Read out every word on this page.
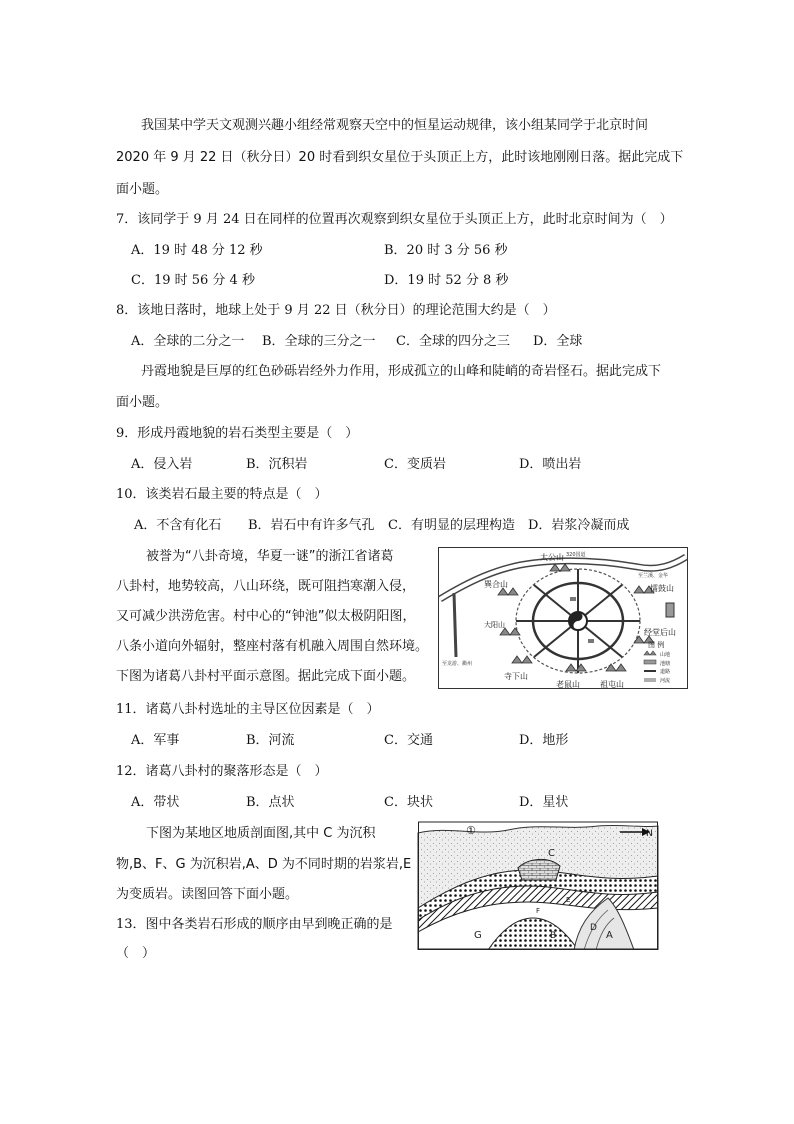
我国某中学天文观测兴趣小组经常观察天空中的恒星运动规律，该小组某同学于北京时间
2020 年 9 月 22 日（秋分日）20 时看到织女星位于头顶正上方，此时该地刚刚日落。据此完成下
面小题。
7．该同学于 9 月 24 日在同样的位置再次观察到织女星位于头顶正上方，此时北京时间为（　）
A．19 时 48 分 12 秒	B．20 时 3 分 56 秒
C．19 时 56 分 4 秒	D．19 时 52 分 8 秒
8．该地日落时，地球上处于 9 月 22 日（秋分日）的理论范围大约是（　）
A．全球的二分之一 B．全球的三分之一 C．全球的四分之三 D．全球
丹霞地貌是巨厚的红色砂砾岩经外力作用，形成孤立的山峰和陡峭的奇岩怪石。据此完成下
面小题。
9．形成丹霞地貌的岩石类型主要是（　）
A．侵入岩	B．沉积岩	C．变质岩	D．喷出岩
10．该类岩石最主要的特点是（　）
A．不含有化石 B．岩石中有许多气孔 C．有明显的层理构造 D．岩浆冷凝而成
被誉为“八卦奇境，华夏一谜”的浙江省诸葛
八卦村，地势较高，八山环绕，既可阻挡寒潮入侵，
又可减少洪涝危害。村中心的“钟池”似太极阴阳图，
八条小道向外辐射，整座村落有机融入周围自然环境。
下图为诸葛八卦村平面示意图。据此完成下面小题。
320国道
太公山
巽合山	擂鼓山
大阳山
经堂后山
寺下山
老鼠山	祖屯山
至兰溪、金华
至龙游、衢州
图 例
山地
池塘
道路
河流
11．诸葛八卦村选址的主导区位因素是（　）
A．军事	B．河流	C．交通	D．地形
12．诸葛八卦村的聚落形态是（　）
A．带状	B．点状	C．块状	D．星状
下图为某地区地质剖面图,其中 C 为沉积
物,B、F、G 为沉积岩,A、D 为不同时期的岩浆岩,E
为变质岩。读图回答下面小题。
①
C
F
G	B
D
A
E
N
13．图中各类岩石形成的顺序由早到晚正确的是
（　）
